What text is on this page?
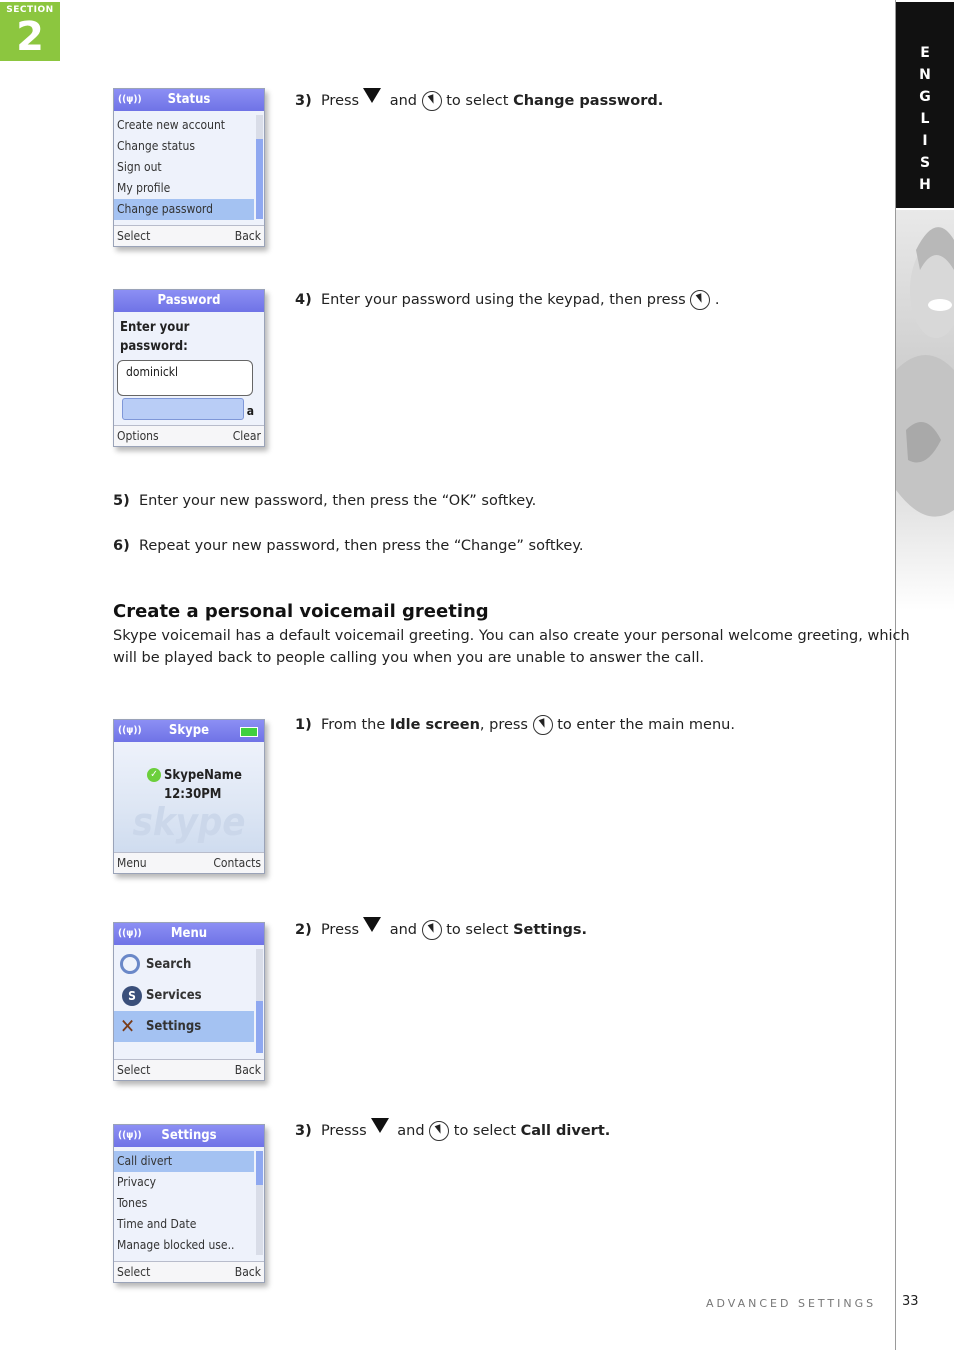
SECTION
2	E
N
G
L
I
S
H
((ψ))	Status
Create new account
Change status
Sign out
My profile
Change password
Select	Back
3) Press and to select Change password.
Password
Enter your
password:
dominickl
a
Options	Clear
4) Enter your password using the keypad, then press .
5) Enter your new password, then press the “OK” softkey.
6) Repeat your new password, then press the “Change” softkey.
Create a personal voicemail greeting
Skype voicemail has a default voicemail greeting. You can also create your personal welcome greeting, which
will be played back to people calling you when you are unable to answer the call.
((ψ))	Skype
skype
✓ SkypeName
12:30PM
Menu	Contacts
1) From the Idle screen, press to enter the main menu.
((ψ))	Menu
Search
S Services
✕ Settings
Select	Back
2) Press and to select Settings.
((ψ))	Settings
Call divert
Privacy
Tones
Time and Date
Manage blocked use..
Select	Back
3) Presss and to select Call divert.
ADVANCED SETTINGS 33
